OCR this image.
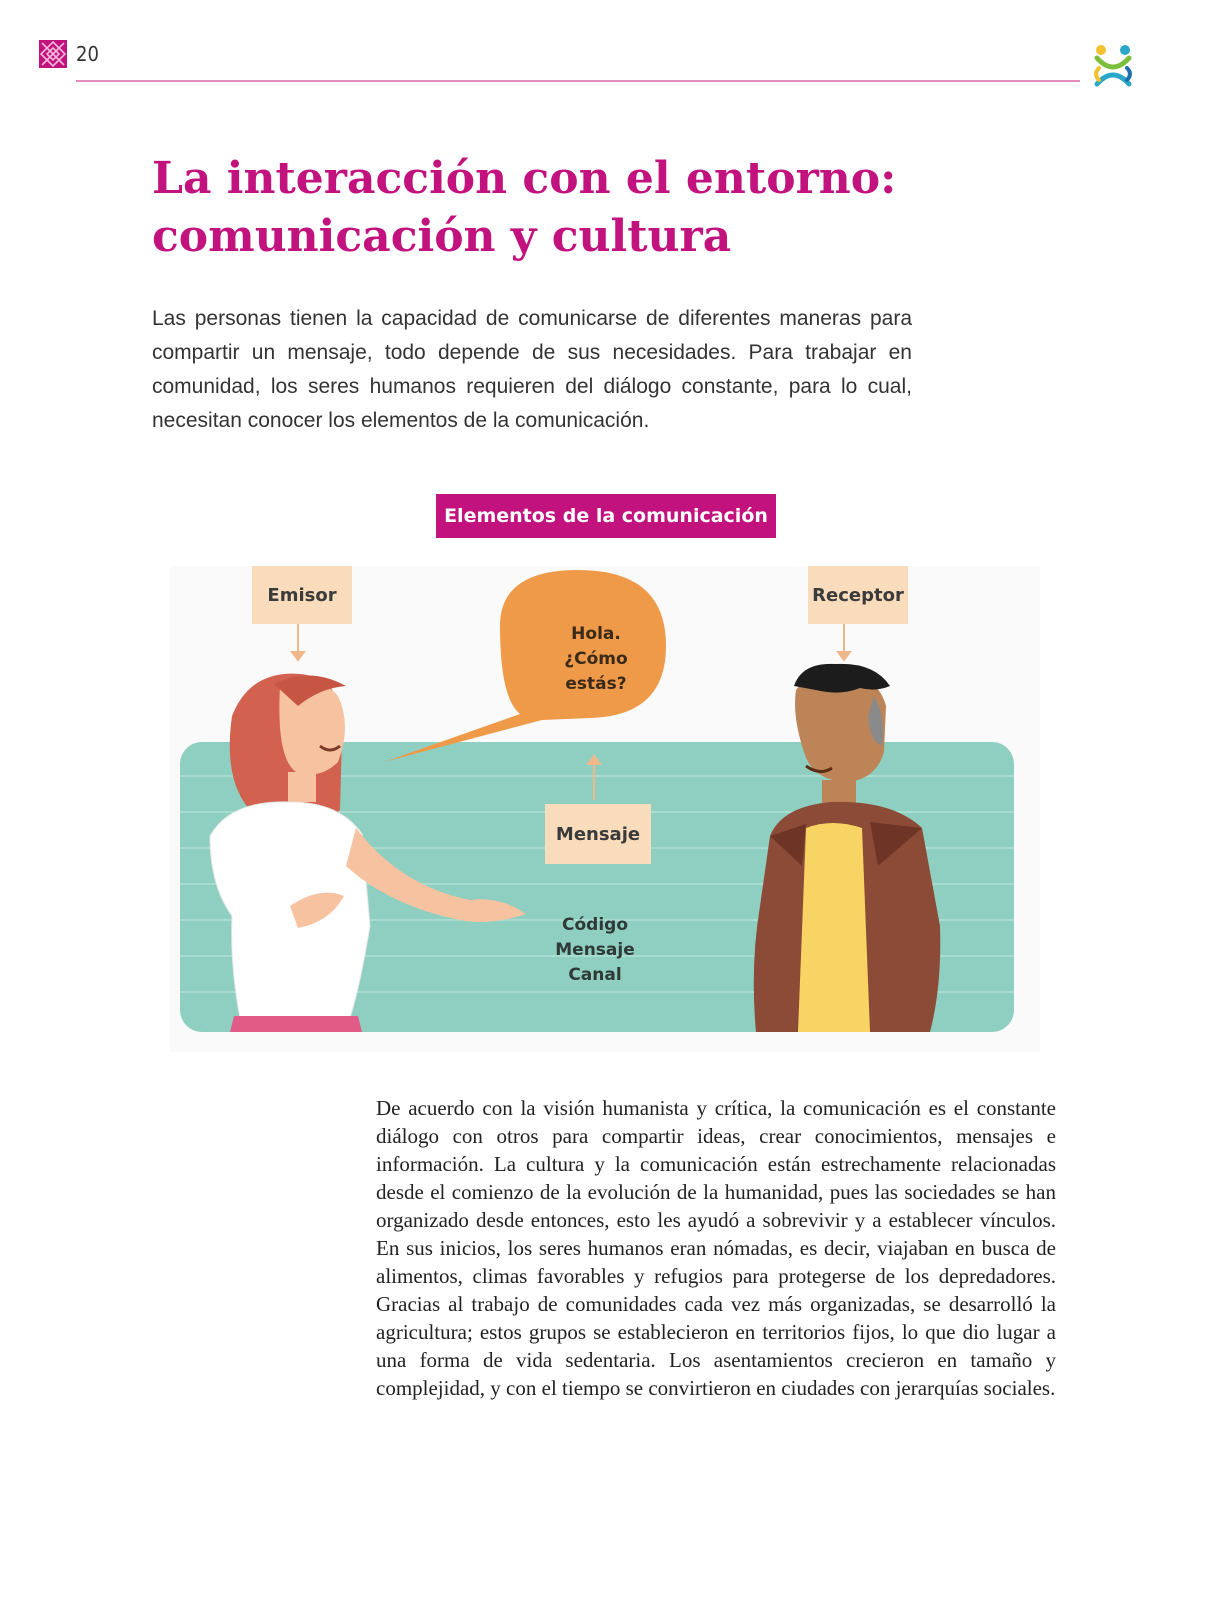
20
La interacción con el entorno:
comunicación y cultura

Las personas tienen la capacidad de comunicarse de diferentes maneras para compartir un mensaje, todo depende de sus necesidades. Para trabajar en comunidad, los seres humanos requieren del diálogo constante, para lo cual, necesitan conocer los elementos de la comunicación.

Elementos de la comunicación
Emisor	Receptor
Mensaje

Hola.
¿Cómo
estás?

Código
Mensaje
Canal

De acuerdo con la visión humanista y crítica, la comunicación es el constante diálogo con otros para compartir ideas, crear conocimientos, mensajes e información. La cultura y la comunicación están estrechamente relacionadas desde el comienzo de la evolución de la humanidad, pues las sociedades se han organizado desde entonces, esto les ayudó a sobrevivir y a establecer vínculos. En sus inicios, los seres humanos eran nómadas, es decir, viajaban en busca de alimentos, climas favorables y refugios para protegerse de los depredadores. Gracias al trabajo de comunidades cada vez más organizadas, se desarrolló la agricultura; estos grupos se establecieron en territorios fijos, lo que dio lugar a una forma de vida sedentaria. Los asentamientos crecieron en tamaño y complejidad, y con el tiempo se convirtieron en ciudades con jerarquías sociales.
